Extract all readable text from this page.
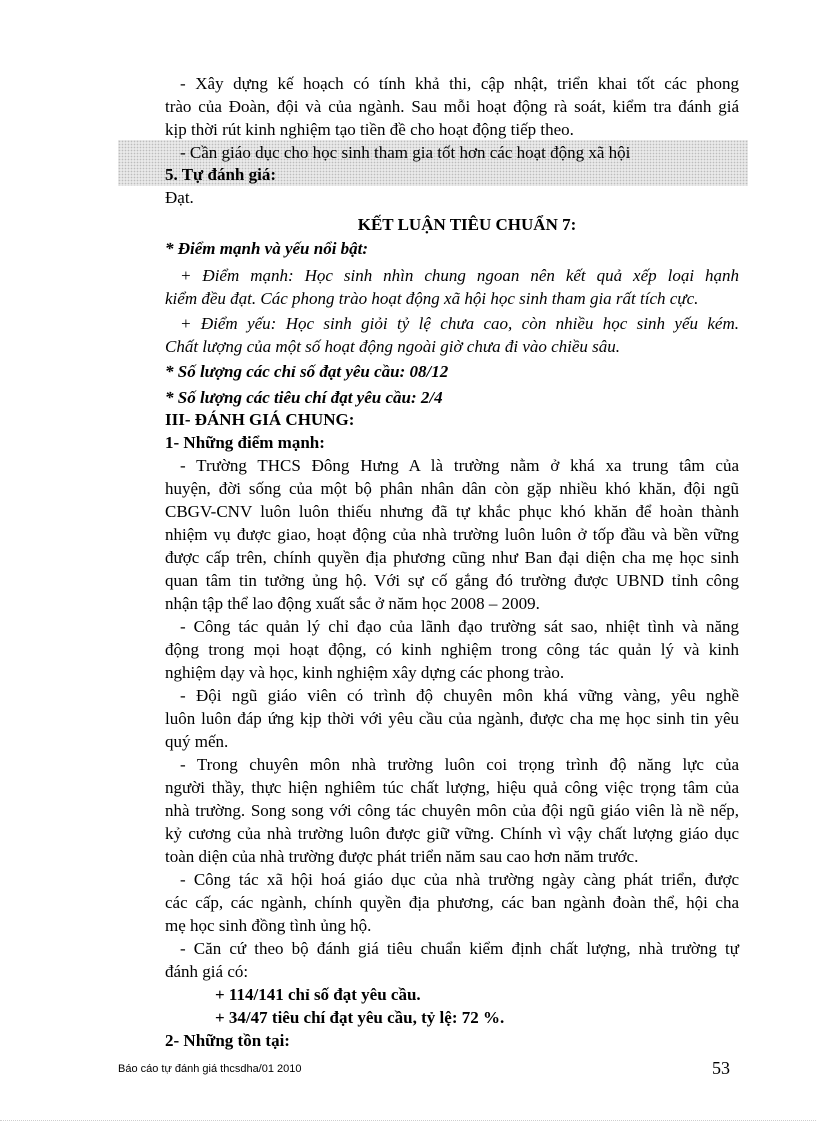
- Xây dựng kế hoạch có tính khả thi, cập nhật, triển khai tốt các phong
trào của Đoàn, đội và của ngành. Sau mỗi hoạt động rà soát, kiểm tra đánh giá
kịp thời rút kinh nghiệm tạo tiền đề cho hoạt động tiếp theo.
- Cần giáo dục cho học sinh tham gia tốt hơn các hoạt động xã hội
5. Tự đánh giá:
Đạt.
KẾT LUẬN TIÊU CHUẨN 7:
* Điểm mạnh và yếu nổi bật:
+ Điểm mạnh: Học sinh nhìn chung ngoan nên kết quả xếp loại hạnh
kiểm đều đạt. Các phong trào hoạt động xã hội học sinh tham gia rất tích cực.
+ Điểm yếu: Học sinh giỏi tỷ lệ chưa cao, còn nhiều học sinh yếu kém.
Chất lượng của một số hoạt động ngoài giờ chưa đi vào chiều sâu.
* Số lượng các chỉ số đạt yêu cầu: 08/12
* Số lượng các tiêu chí đạt yêu cầu: 2/4
III- ĐÁNH GIÁ CHUNG:
1- Những điểm mạnh:
- Trường THCS Đông Hưng A là trường nằm ở khá xa trung tâm của
huyện, đời sống của một bộ phân nhân dân còn gặp nhiều khó khăn, đội ngũ
CBGV-CNV luôn luôn thiếu nhưng đã tự khắc phục khó khăn để hoàn thành
nhiệm vụ được giao, hoạt động của nhà trường luôn luôn ở tốp đầu và bền vững
được cấp trên, chính quyền địa phương cũng như Ban đại diện cha mẹ học sinh
quan tâm tin tưởng ủng hộ. Với sự cố gắng đó trường được UBND tỉnh công
nhận tập thể lao động xuất sắc ở năm học 2008 – 2009.
- Công tác quản lý chỉ đạo của lãnh đạo trường sát sao, nhiệt tình và năng
động trong mọi hoạt động, có kinh nghiệm trong công tác quản lý và kinh
nghiệm dạy và học, kinh nghiệm xây dựng các phong trào.
- Đội ngũ giáo viên có trình độ chuyên môn khá vững vàng, yêu nghề
luôn luôn đáp ứng kịp thời với yêu cầu của ngành, được cha mẹ học sinh tin yêu
quý mến.
- Trong chuyên môn nhà trường luôn coi trọng trình độ năng lực của
người thầy, thực hiện nghiêm túc chất lượng, hiệu quả công việc trọng tâm của
nhà trường. Song song với công tác chuyên môn của đội ngũ giáo viên là nề nếp,
kỷ cương của nhà trường luôn được giữ vững. Chính vì vậy chất lượng giáo dục
toàn diện của nhà trường được phát triển năm sau cao hơn năm trước.
- Công tác xã hội hoá giáo dục của nhà trường ngày càng phát triển, được
các cấp, các ngành, chính quyền địa phương, các ban ngành đoàn thể, hội cha
mẹ học sinh đồng tình ủng hộ.
- Căn cứ theo bộ đánh giá tiêu chuẩn kiểm định chất lượng, nhà trường tự
đánh giá có:
+ 114/141 chỉ số đạt yêu cầu.
+ 34/47 tiêu chí đạt yêu cầu, tỷ lệ: 72 %.
2- Những tồn tại:
Báo cáo tự đánh giá thcsdha/01 2010	53
